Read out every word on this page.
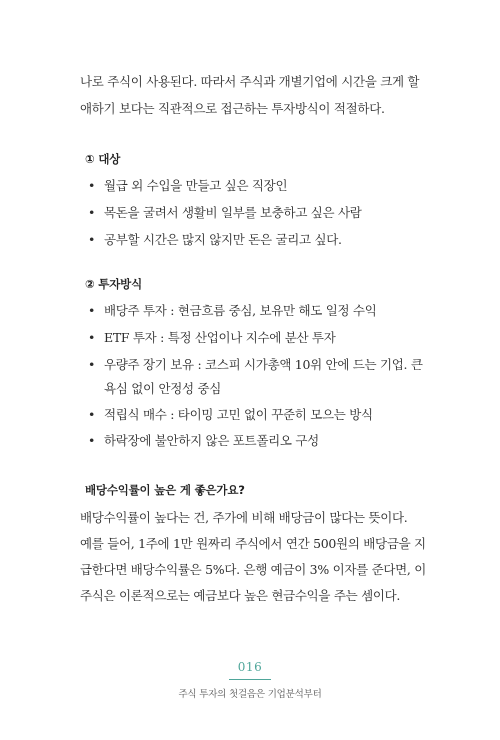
나로 주식이 사용된다. 따라서 주식과 개별기업에 시간을 크게 할
애하기 보다는 직관적으로 접근하는 투자방식이 적절하다.
① 대상
• 월급 외 수입을 만들고 싶은 직장인
• 목돈을 굴려서 생활비 일부를 보충하고 싶은 사람
• 공부할 시간은 많지 않지만 돈은 굴리고 싶다.
② 투자방식
• 배당주 투자 : 현금흐름 중심, 보유만 해도 일정 수익
• ETF 투자 : 특정 산업이나 지수에 분산 투자
• 우량주 장기 보유 : 코스피 시가총액 10위 안에 드는 기업. 큰
욕심 없이 안정성 중심
• 적립식 매수 : 타이밍 고민 없이 꾸준히 모으는 방식
• 하락장에 불안하지 않은 포트폴리오 구성
배당수익률이 높은 게 좋은가요?
배당수익률이 높다는 건, 주가에 비해 배당금이 많다는 뜻이다.
예를 들어, 1주에 1만 원짜리 주식에서 연간 500원의 배당금을 지
급한다면 배당수익률은 5%다. 은행 예금이 3% 이자를 준다면, 이
주식은 이론적으로는 예금보다 높은 현금수익을 주는 셈이다.
016
주식 투자의 첫걸음은 기업분석부터
